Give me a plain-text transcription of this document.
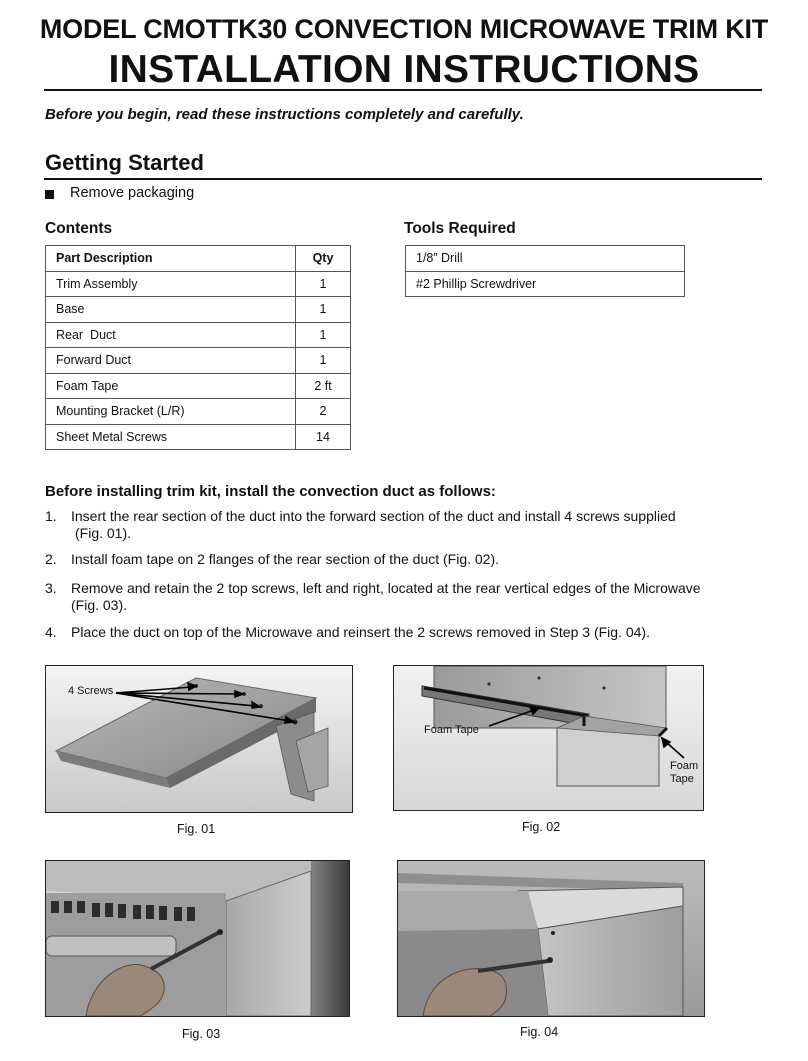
MODEL CMOTTK30 CONVECTION MICROWAVE TRIM KIT
INSTALLATION INSTRUCTIONS
Before you begin, read these instructions completely and carefully.
Getting Started
Remove packaging
Contents
Part Description	Qty
Trim Assembly	1
Base	1
Rear  Duct	1
Forward Duct	1
Foam Tape	2 ft
Mounting Bracket (L/R)	2
Sheet Metal Screws	14
Tools Required
1/8” Drill
#2 Phillip Screwdriver
Before installing trim kit, install the convection duct as follows:
1. Insert the rear section of the duct into the forward section of the duct and install 4 screws supplied
(Fig. 01).
2. Install foam tape on 2 flanges of the rear section of the duct (Fig. 02).
3. Remove and retain the 2 top screws, left and right, located at the rear vertical edges of the Microwave
(Fig. 03).
4. Place the duct on top of the Microwave and reinsert the 2 screws removed in Step 3 (Fig. 04).
4 Screws
Fig. 01
Foam Tape
Foam
Tape
Fig. 02
Fig. 03	Fig. 04
